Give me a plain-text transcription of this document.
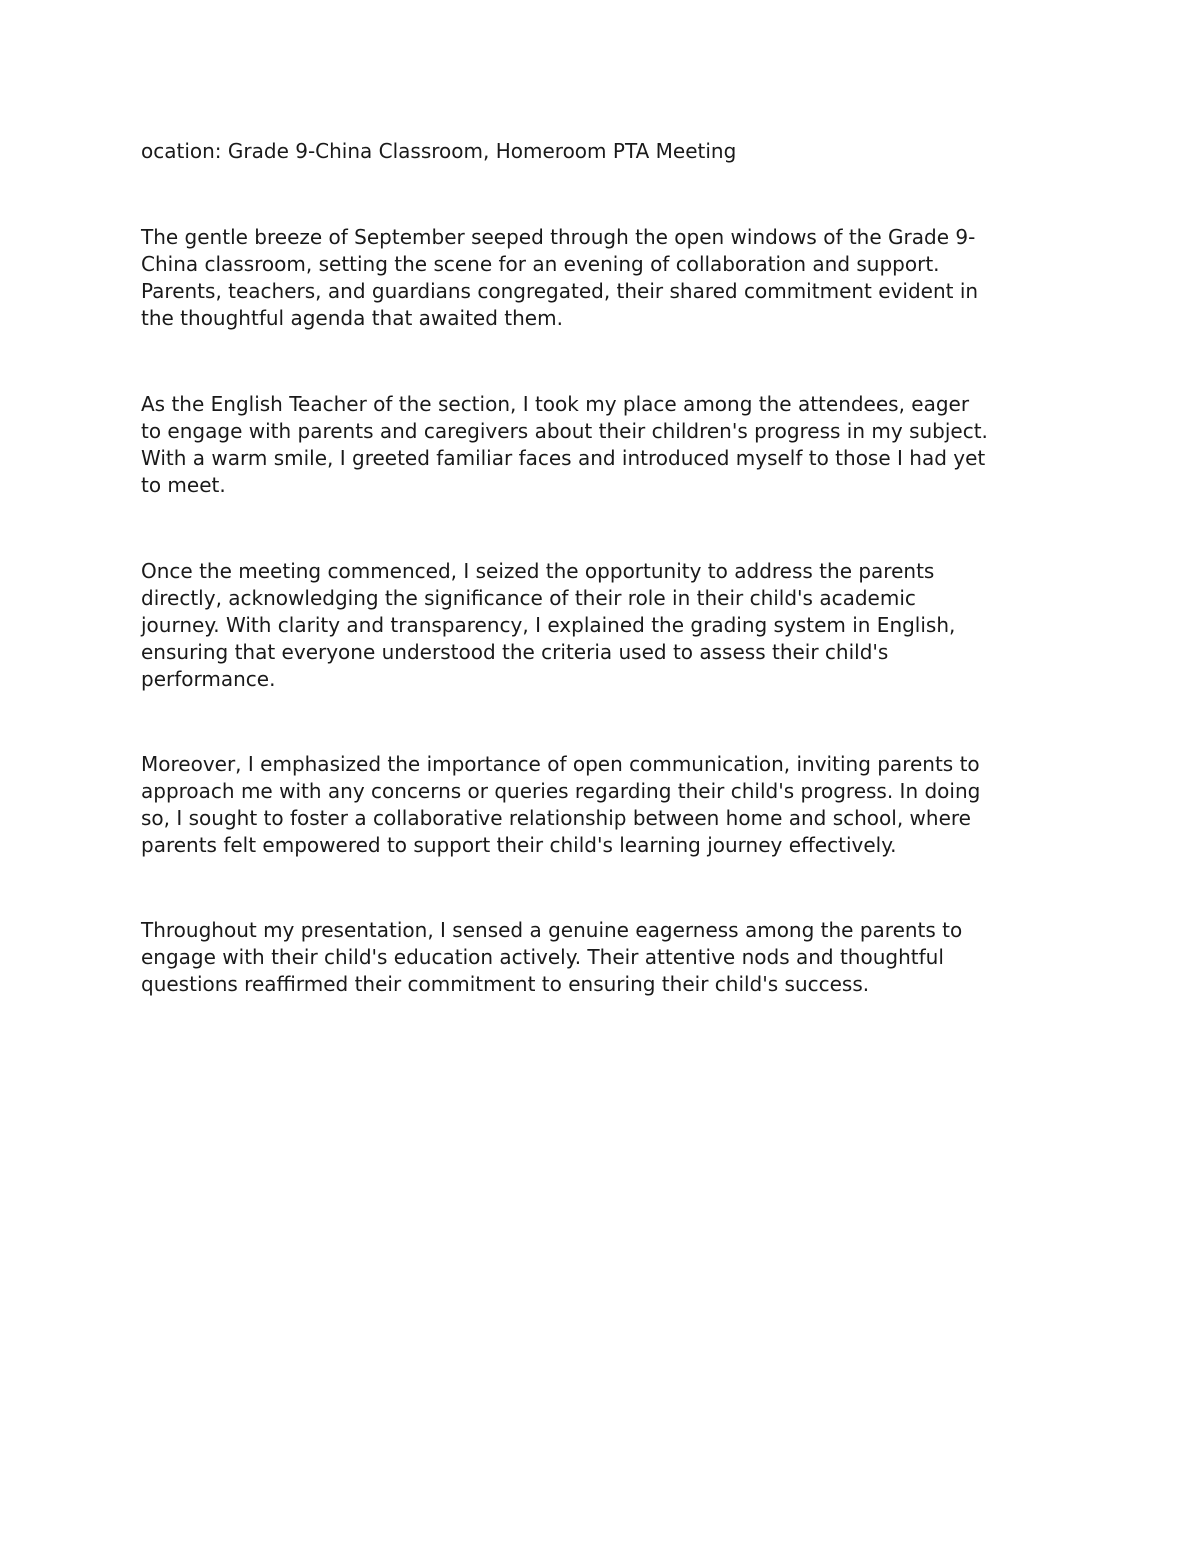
ocation: Grade 9-China Classroom, Homeroom PTA Meeting

The gentle breeze of September seeped through the open windows of the Grade 9-
China classroom, setting the scene for an evening of collaboration and support.
Parents, teachers, and guardians congregated, their shared commitment evident in
the thoughtful agenda that awaited them.

As the English Teacher of the section, I took my place among the attendees, eager
to engage with parents and caregivers about their children's progress in my subject.
With a warm smile, I greeted familiar faces and introduced myself to those I had yet
to meet.

Once the meeting commenced, I seized the opportunity to address the parents
directly, acknowledging the significance of their role in their child's academic
journey. With clarity and transparency, I explained the grading system in English,
ensuring that everyone understood the criteria used to assess their child's
performance.

Moreover, I emphasized the importance of open communication, inviting parents to
approach me with any concerns or queries regarding their child's progress. In doing
so, I sought to foster a collaborative relationship between home and school, where
parents felt empowered to support their child's learning journey effectively.

Throughout my presentation, I sensed a genuine eagerness among the parents to
engage with their child's education actively. Their attentive nods and thoughtful
questions reaffirmed their commitment to ensuring their child's success.
